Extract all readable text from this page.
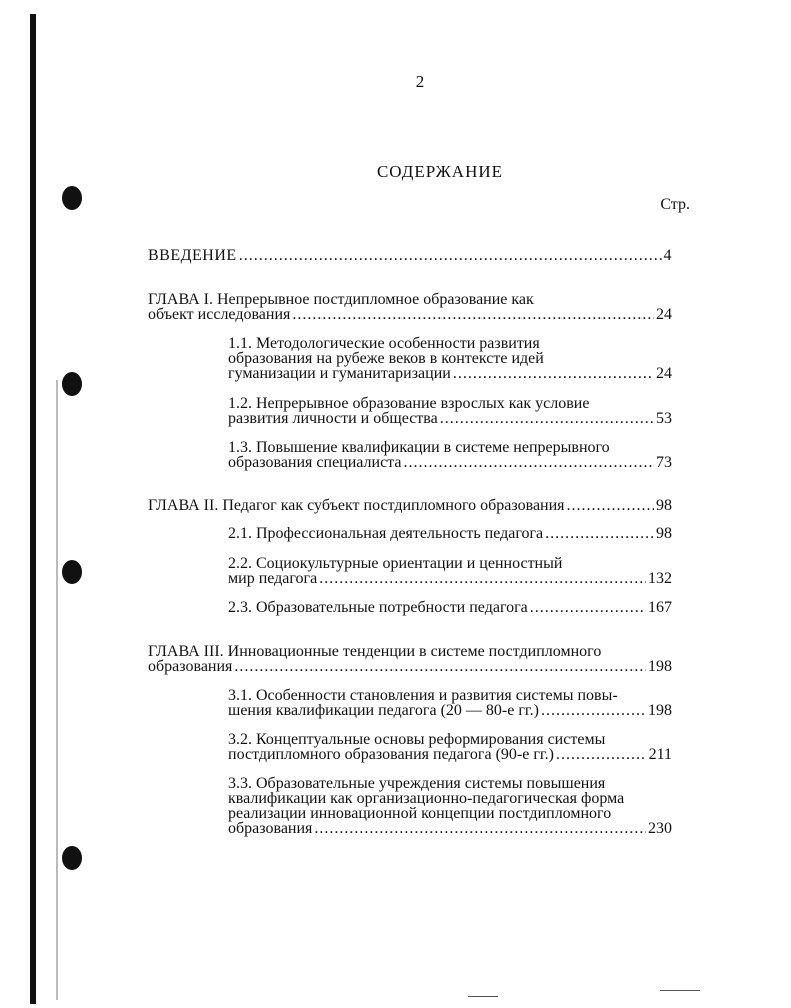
2
СОДЕРЖАНИЕ
Стр.
ВВЕДЕНИЕ .....	4
ГЛАВА I. Непрерывное постдипломное образование как
объект исследования .....	24
1.1. Методологические особенности развития
образования на рубеже веков в контексте идей
гуманизации и гуманитаризации .....	24
1.2. Непрерывное образование взрослых как условие
развития личности и общества .....	53
1.3. Повышение квалификации в системе непрерывного
образования специалиста .....	73
ГЛАВА II. Педагог как субъект постдипломного образования .....	98
2.1. Профессиональная деятельность педагога .....	98
2.2. Социокультурные ориентации и ценностный
мир педагога .....	132
2.3. Образовательные потребности педагога .....	167
ГЛАВА III. Инновационные тенденции в системе постдипломного
образования .....	198
3.1. Особенности становления и развития системы повы-
шения квалификации педагога (20 — 80-е гг.) .....	198
3.2. Концептуальные основы реформирования системы
постдипломного образования педагога (90-е гг.) .....	211
3.3. Образовательные учреждения системы повышения
квалификации как организационно-педагогическая форма
реализации инновационной концепции постдипломного
образования .....	230
